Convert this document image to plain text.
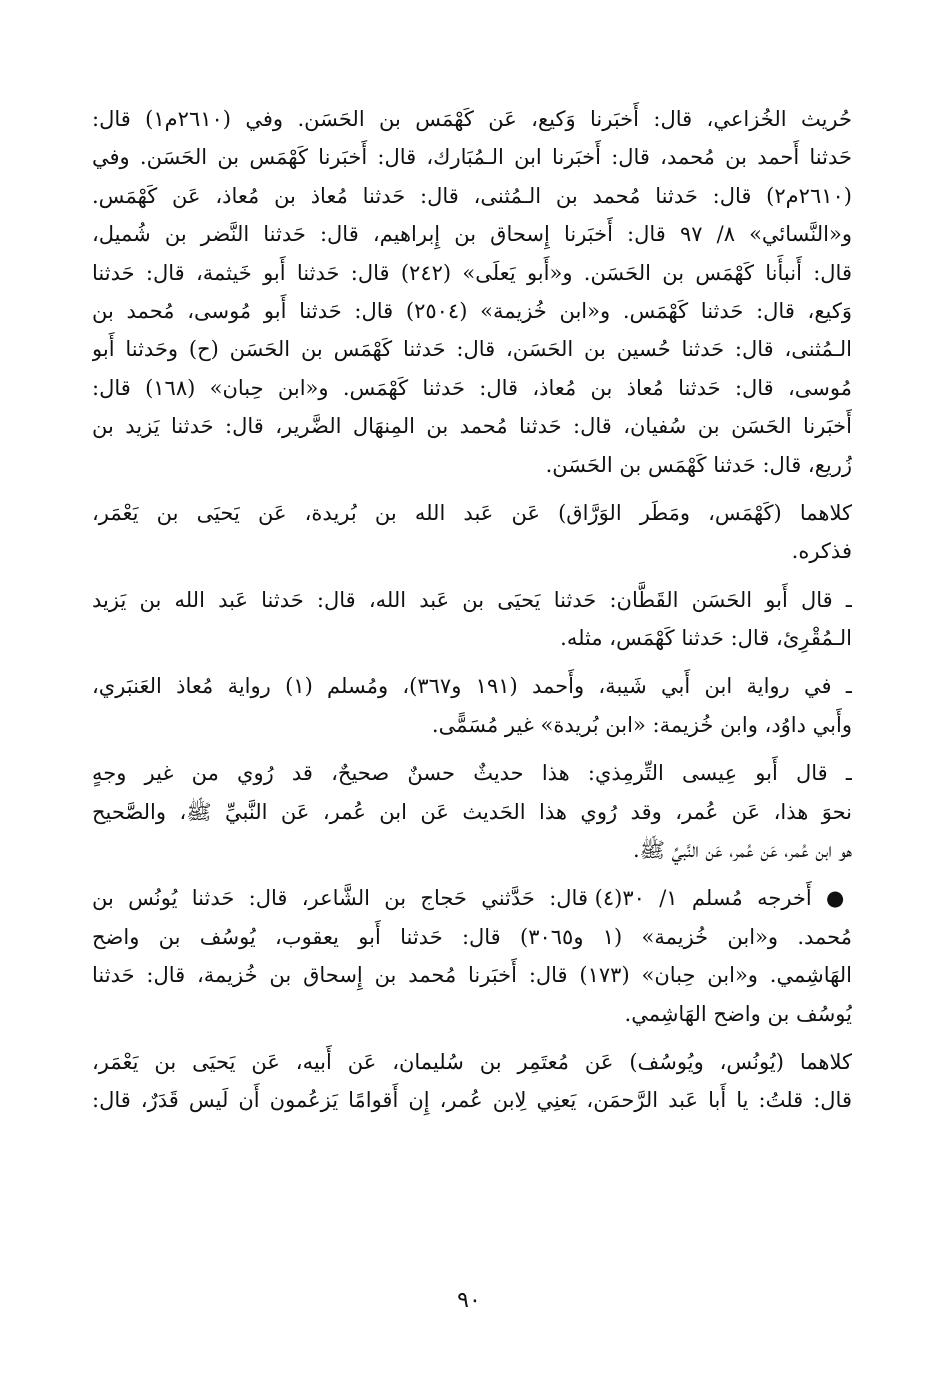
حُريث الخُزاعي، قال: أَخبَرنا وَكيع، عَن كَهْمَس بن الحَسَن. وفي (٢٦١٠م١) قال:
حَدثنا أَحمد بن مُحمد، قال: أَخبَرنا ابن الـمُبَارك، قال: أَخبَرنا كَهْمَس بن الحَسَن. وفي
(٢٦١٠م٢) قال: حَدثنا مُحمد بن الـمُثنى، قال: حَدثنا مُعاذ بن مُعاذ، عَن كَهْمَس.
و«النَّسائي» ٨/ ٩٧ قال: أَخبَرنا إِسحاق بن إِبراهيم، قال: حَدثنا النَّضر بن شُميل،
قال: أَنبأَنا كَهْمَس بن الحَسَن. و«أَبو يَعلَى» (٢٤٢) قال: حَدثنا أَبو خَيثمة، قال: حَدثنا
وَكيع، قال: حَدثنا كَهْمَس. و«ابن خُزيمة» (٢٥٠٤) قال: حَدثنا أَبو مُوسى، مُحمد بن
الـمُثنى، قال: حَدثنا حُسين بن الحَسَن، قال: حَدثنا كَهْمَس بن الحَسَن (ح) وحَدثنا أَبو
مُوسى، قال: حَدثنا مُعاذ بن مُعاذ، قال: حَدثنا كَهْمَس. و«ابن حِبان» (١٦٨) قال:
أَخبَرنا الحَسَن بن سُفيان، قال: حَدثنا مُحمد بن المِنهَال الضَّرير، قال: حَدثنا يَزيد بن
زُريع، قال: حَدثنا كَهْمَس بن الحَسَن.
كلاهما (كَهْمَس، ومَطَر الوَرَّاق) عَن عَبد الله بن بُريدة، عَن يَحيَى بن يَعْمَر،
فذكره.
ـ قال أَبو الحَسَن القَطَّان: حَدثنا يَحيَى بن عَبد الله، قال: حَدثنا عَبد الله بن يَزيد
الـمُقْرِئ، قال: حَدثنا كَهْمَس، مثله.
ـ في رواية ابن أَبي شَيبة، وأَحمد (١٩١ و٣٦٧)، ومُسلم (١) رواية مُعاذ العَنبَري،
وأَبي داوُد، وابن خُزيمة: «ابن بُريدة» غير مُسَمًّى.
ـ قال أَبو عِيسى التِّرمِذي: هذا حديثٌ حسنٌ صحيحٌ، قد رُوي من غير وجهٍ
نحوَ هذا، عَن عُمر، وقد رُوي هذا الحَديث عَن ابن عُمر، عَن النَّبيِّ ﷺ، والصَّحيح
هو ابن عُمر، عَن عُمر، عَن النَّبيِّ ﷺ.
● أَخرجه مُسلم ١/ ٣٠(٤) قال: حَدَّثني حَجاج بن الشَّاعر، قال: حَدثنا يُونُس بن
مُحمد. و«ابن خُزيمة» (١ و٣٠٦٥) قال: حَدثنا أَبو يعقوب، يُوسُف بن واضح
الهَاشِمي. و«ابن حِبان» (١٧٣) قال: أَخبَرنا مُحمد بن إِسحاق بن خُزيمة، قال: حَدثنا
يُوسُف بن واضح الهَاشِمي.
كلاهما (يُونُس، ويُوسُف) عَن مُعتَمِر بن سُليمان، عَن أَبيه، عَن يَحيَى بن يَعْمَر،
قال: قلتُ: يا أَبا عَبد الرَّحمَن، يَعنِي لِابن عُمر، إِن أَقوامًا يَزعُمون أَن لَيس قَدَرٌ، قال:
٩٠
